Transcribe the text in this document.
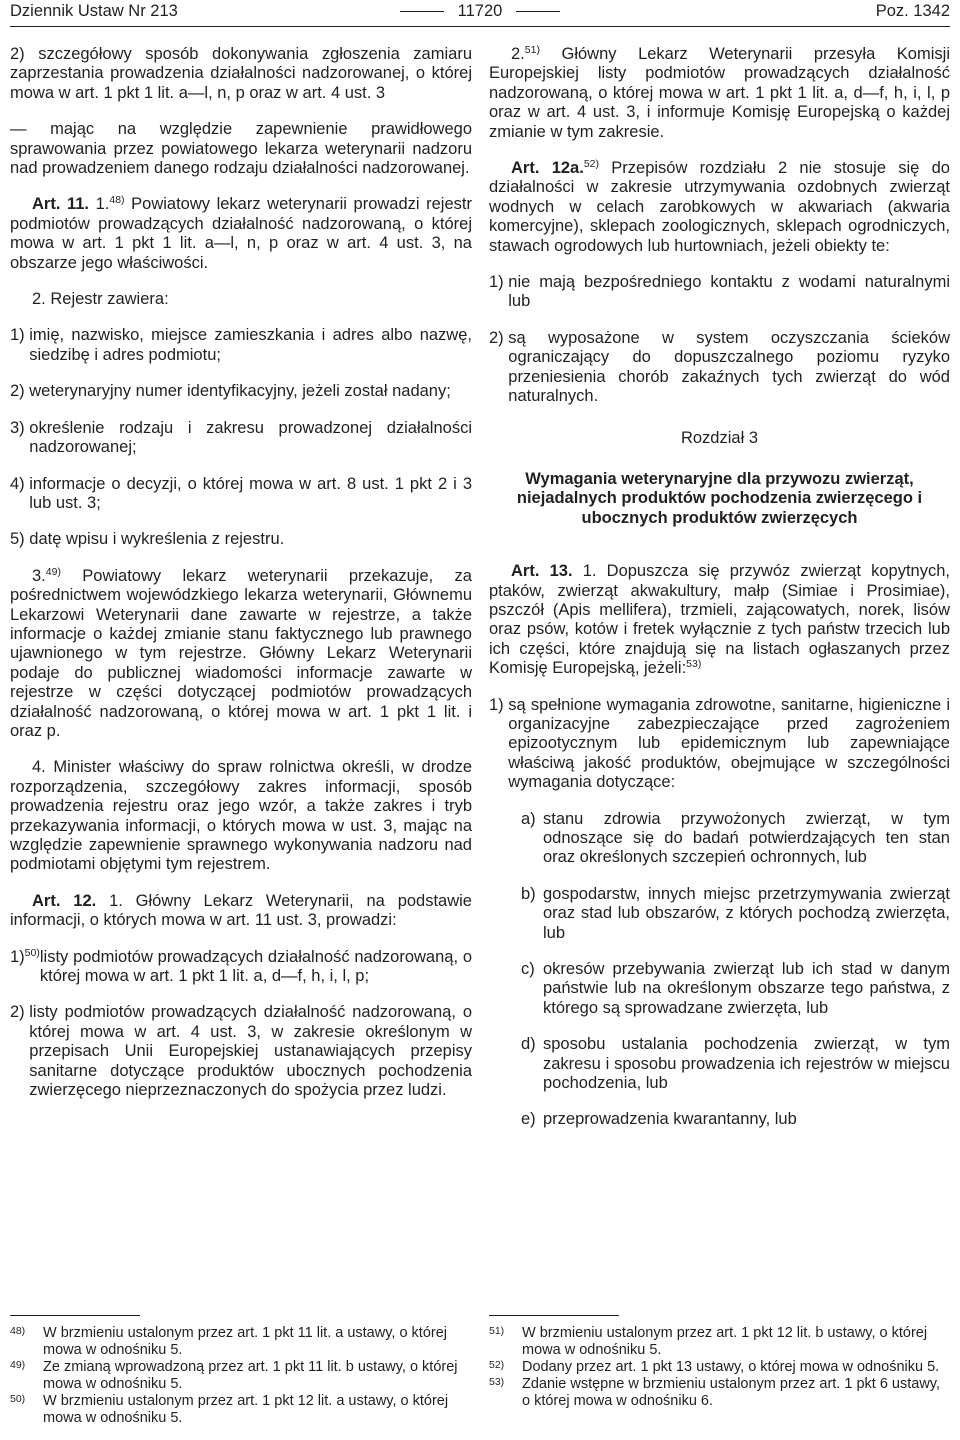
Dziennik Ustaw Nr 213	11720	Poz. 1342

2) szczegółowy sposób dokonywania zgłoszenia zamiaru zaprzestania prowadzenia działalności nadzorowanej, o której mowa w art. 1 pkt 1 lit. a—l, n, p oraz w art. 4 ust. 3

— mając na względzie zapewnienie prawidłowego sprawowania przez powiatowego lekarza weterynarii nadzoru nad prowadzeniem danego rodzaju działalności nadzorowanej.

Art. 11. 1.$^{48)}$ Powiatowy lekarz weterynarii prowadzi rejestr podmiotów prowadzących działalność nadzorowaną, o której mowa w art. 1 pkt 1 lit. a—l, n, p oraz w art. 4 ust. 3, na obszarze jego właściwości.

2. Rejestr zawiera:

1) imię, nazwisko, miejsce zamieszkania i adres albo nazwę, siedzibę i adres podmiotu;
2) weterynaryjny numer identyfikacyjny, jeżeli został nadany;
3) określenie rodzaju i zakresu prowadzonej działalności nadzorowanej;
4) informacje o decyzji, o której mowa w art. 8 ust. 1 pkt 2 i 3 lub ust. 3;
5) datę wpisu i wykreślenia z rejestru.

3.$^{49)}$ Powiatowy lekarz weterynarii przekazuje, za pośrednictwem wojewódzkiego lekarza weterynarii, Głównemu Lekarzowi Weterynarii dane zawarte w rejestrze, a także informacje o każdej zmianie stanu faktycznego lub prawnego ujawnionego w tym rejestrze. Główny Lekarz Weterynarii podaje do publicznej wiadomości informacje zawarte w rejestrze w części dotyczącej podmiotów prowadzących działalność nadzorowaną, o której mowa w art. 1 pkt 1 lit. i oraz p.

4. Minister właściwy do spraw rolnictwa określi, w drodze rozporządzenia, szczegółowy zakres informacji, sposób prowadzenia rejestru oraz jego wzór, a także zakres i tryb przekazywania informacji, o których mowa w ust. 3, mając na względzie zapewnienie sprawnego wykonywania nadzoru nad podmiotami objętymi tym rejestrem.

Art. 12. 1. Główny Lekarz Weterynarii, na podstawie informacji, o których mowa w art. 11 ust. 3, prowadzi:

1)$^{50)}$ listy podmiotów prowadzących działalność nadzorowaną, o której mowa w art. 1 pkt 1 lit. a, d—f, h, i, l, p;
2) listy podmiotów prowadzących działalność nadzorowaną, o której mowa w art. 4 ust. 3, w zakresie określonym w przepisach Unii Europejskiej ustanawiających przepisy sanitarne dotyczące produktów ubocznych pochodzenia zwierzęcego nieprzeznaczonych do spożycia przez ludzi.

2.$^{51)}$ Główny Lekarz Weterynarii przesyła Komisji Europejskiej listy podmiotów prowadzących działalność nadzorowaną, o której mowa w art. 1 pkt 1 lit. a, d—f, h, i, l, p oraz w art. 4 ust. 3, i informuje Komisję Europejską o każdej zmianie w tym zakresie.

Art. 12a.$^{52)}$ Przepisów rozdziału 2 nie stosuje się do działalności w zakresie utrzymywania ozdobnych zwierząt wodnych w celach zarobkowych w akwariach (akwaria komercyjne), sklepach zoologicznych, sklepach ogrodniczych, stawach ogrodowych lub hurtowniach, jeżeli obiekty te:

1) nie mają bezpośredniego kontaktu z wodami naturalnymi lub
2) są wyposażone w system oczyszczania ścieków ograniczający do dopuszczalnego poziomu ryzyko przeniesienia chorób zakaźnych tych zwierząt do wód naturalnych.
Rozdział 3
Wymagania weterynaryjne dla przywozu zwierząt, niejadalnych produktów pochodzenia zwierzęcego i ubocznych produktów zwierzęcych

Art. 13. 1. Dopuszcza się przywóz zwierząt kopytnych, ptaków, zwierząt akwakultury, małp (Simiae i Prosimiae), pszczół (Apis mellifera), trzmieli, zającowatych, norek, lisów oraz psów, kotów i fretek wyłącznie z tych państw trzecich lub ich części, które znajdują się na listach ogłaszanych przez Komisję Europejską, jeżeli:$^{53)}$

1) są spełnione wymagania zdrowotne, sanitarne, higieniczne i organizacyjne zabezpieczające przed zagrożeniem epizootycznym lub epidemicznym lub zapewniające właściwą jakość produktów, obejmujące w szczególności wymagania dotyczące:
a) stanu zdrowia przywożonych zwierząt, w tym odnoszące się do badań potwierdzających ten stan oraz określonych szczepień ochronnych, lub
b) gospodarstw, innych miejsc przetrzymywania zwierząt oraz stad lub obszarów, z których pochodzą zwierzęta, lub
c) okresów przebywania zwierząt lub ich stad w danym państwie lub na określonym obszarze tego państwa, z którego są sprowadzane zwierzęta, lub
d) sposobu ustalania pochodzenia zwierząt, w tym zakresu i sposobu prowadzenia ich rejestrów w miejscu pochodzenia, lub
e) przeprowadzenia kwarantanny, lub
48)	W brzmieniu ustalonym przez art. 1 pkt 11 lit. a ustawy, o której mowa w odnośniku 5.
49)	Ze zmianą wprowadzoną przez art. 1 pkt 11 lit. b ustawy, o której mowa w odnośniku 5.
50)	W brzmieniu ustalonym przez art. 1 pkt 12 lit. a ustawy, o której mowa w odnośniku 5.
51)	W brzmieniu ustalonym przez art. 1 pkt 12 lit. b ustawy, o której mowa w odnośniku 5.
52)	Dodany przez art. 1 pkt 13 ustawy, o której mowa w odnośniku 5.
53)	Zdanie wstępne w brzmieniu ustalonym przez art. 1 pkt 6 ustawy, o której mowa w odnośniku 6.
